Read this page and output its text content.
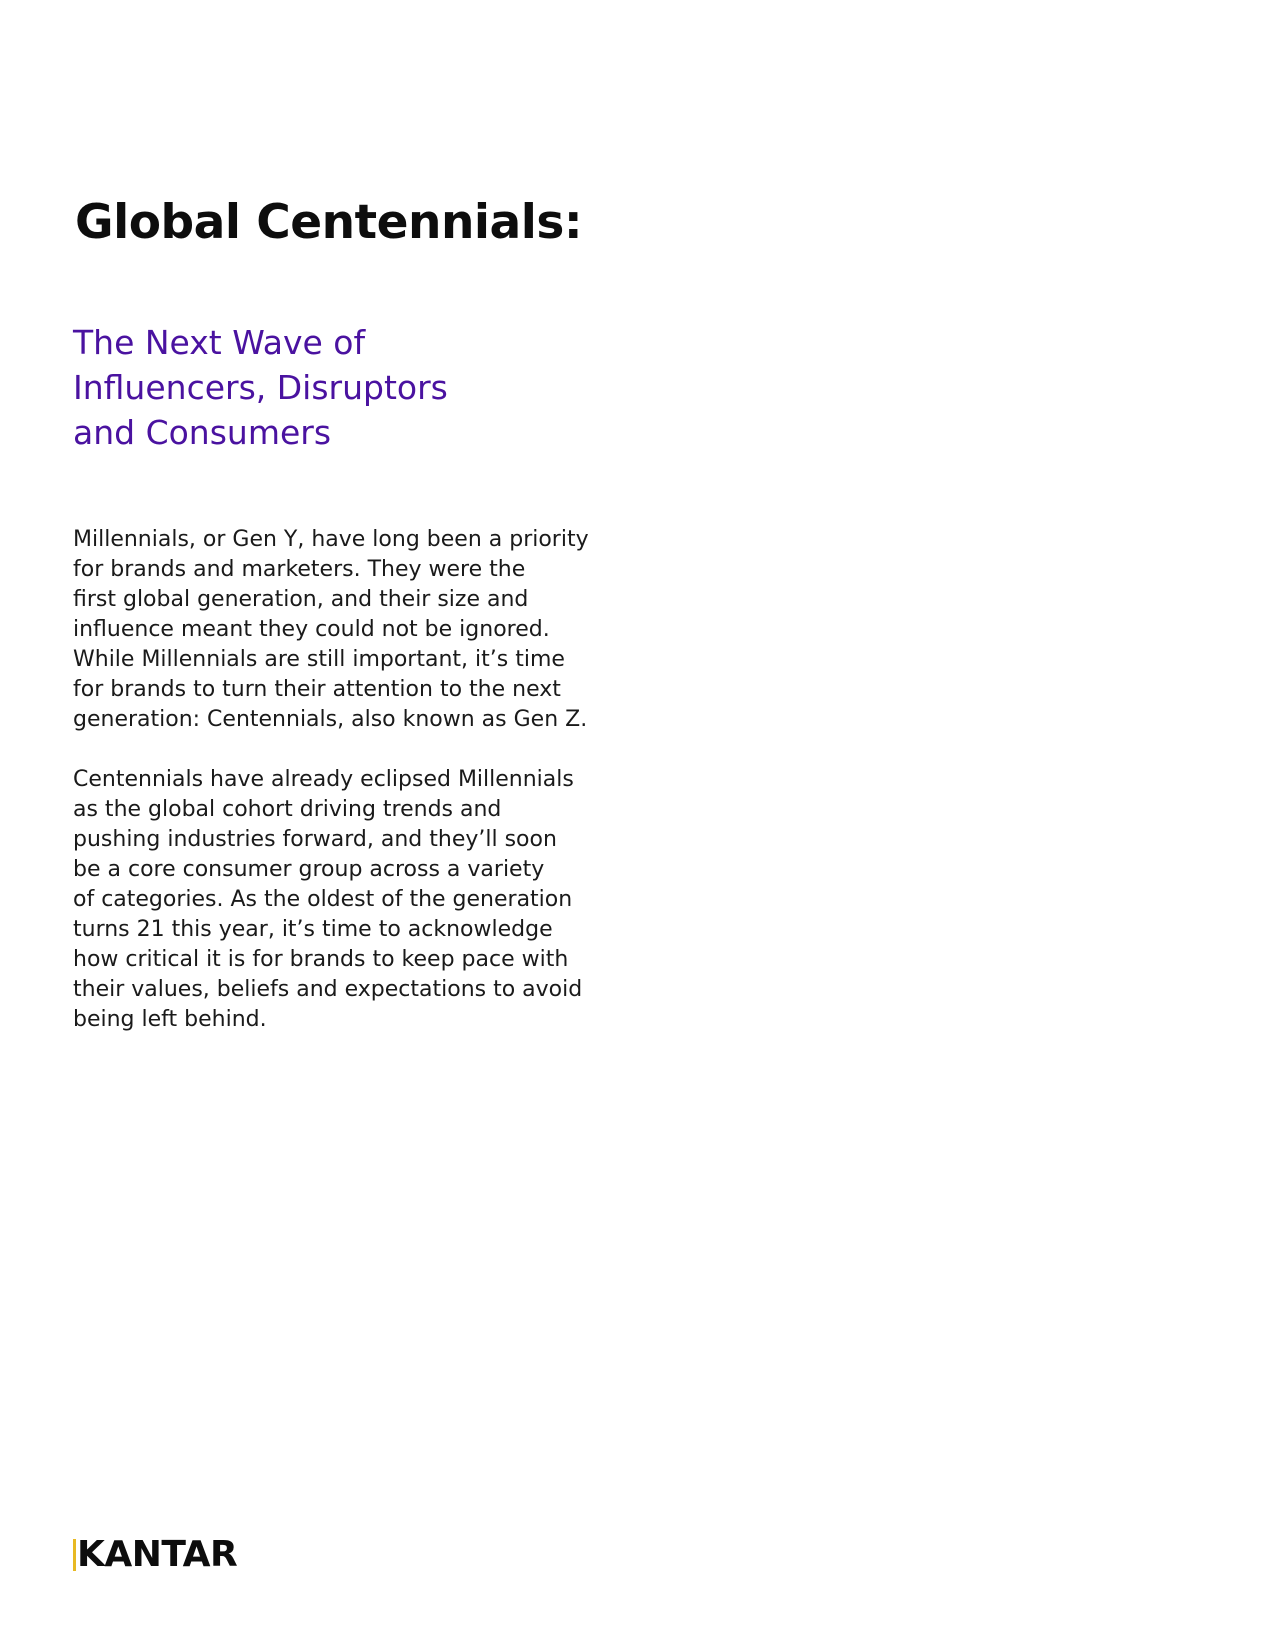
Global Centennials:
The Next Wave of
Influencers, Disruptors
and Consumers

Millennials, or Gen Y, have long been a priority
for brands and marketers. They were the
first global generation, and their size and
influence meant they could not be ignored.
While Millennials are still important, it’s time
for brands to turn their attention to the next
generation: Centennials, also known as Gen Z.

Centennials have already eclipsed Millennials
as the global cohort driving trends and
pushing industries forward, and they’ll soon
be a core consumer group across a variety
of categories. As the oldest of the generation
turns 21 this year, it’s time to acknowledge
how critical it is for brands to keep pace with
their values, beliefs and expectations to avoid
being left behind.

KANTAR
